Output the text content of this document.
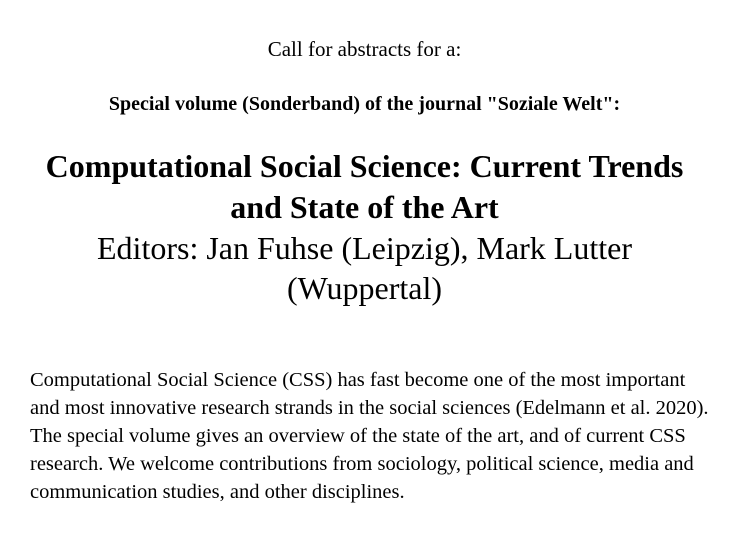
Call for abstracts for a:

Special volume (Sonderband) of the journal "Soziale Welt":

Computational Social Science: Current Trends and State of the Art

Editors: Jan Fuhse (Leipzig), Mark Lutter (Wuppertal)

Computational Social Science (CSS) has fast become one of the most important and most innovative research strands in the social sciences (Edelmann et al. 2020). The special volume gives an overview of the state of the art, and of current CSS research. We welcome contributions from sociology, political science, media and communication studies, and other disciplines.
